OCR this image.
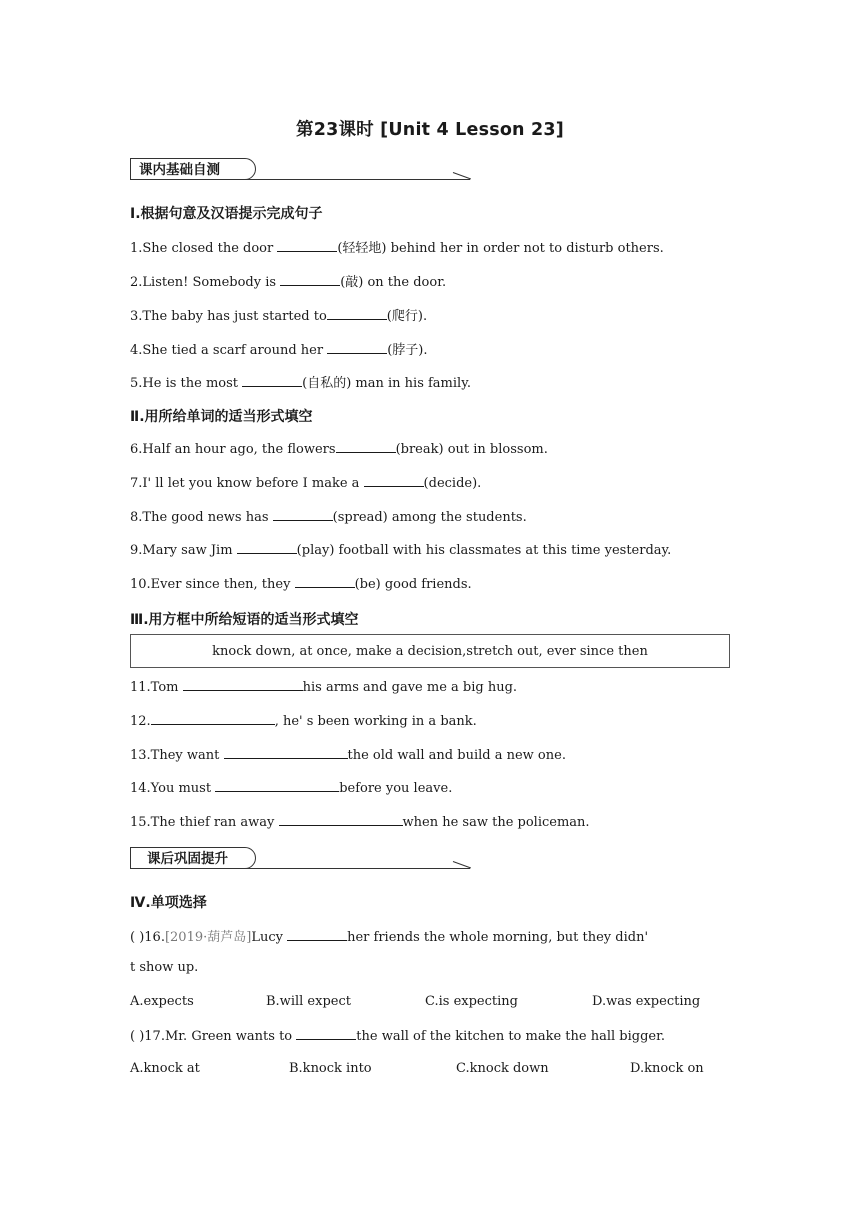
第23课时 [Unit 4 Lesson 23]
课内基础自测
Ⅰ.根据句意及汉语提示完成句子
1.She closed the door	(轻轻地) behind her in order not to disturb others.
2.Listen! Somebody is	(敲) on the door.
3.The baby has just started to	(爬行).
4.She tied a scarf around her	(脖子).
5.He is the most	(自私的) man in his family.
Ⅱ.用所给单词的适当形式填空
6.Half an hour ago, the flowers	(break) out in blossom.
7.I' ll let you know before I make a	(decide).
8.The good news has	(spread) among the students.
9.Mary saw Jim	(play) football with his classmates at this time yesterday.
10.Ever since then, they	(be) good friends.
Ⅲ.用方框中所给短语的适当形式填空
knock down, at once, make a decision,stretch out, ever since then
11.Tom	his arms and gave me a big hug.
12.	, he' s been working in a bank.
13.They want	the old wall and build a new one.
14.You must	before you leave.
15.The thief ran away	when he saw the policeman.
课后巩固提升
Ⅳ.单项选择
( )16.[2019·葫芦岛]Lucy	her friends the whole morning, but they didn'
t show up.
A.expects	B.will expect	C.is expecting	D.was expecting
( )17.Mr. Green wants to	the wall of the kitchen to make the hall bigger.
A.knock at	B.knock into	C.knock down	D.knock on
